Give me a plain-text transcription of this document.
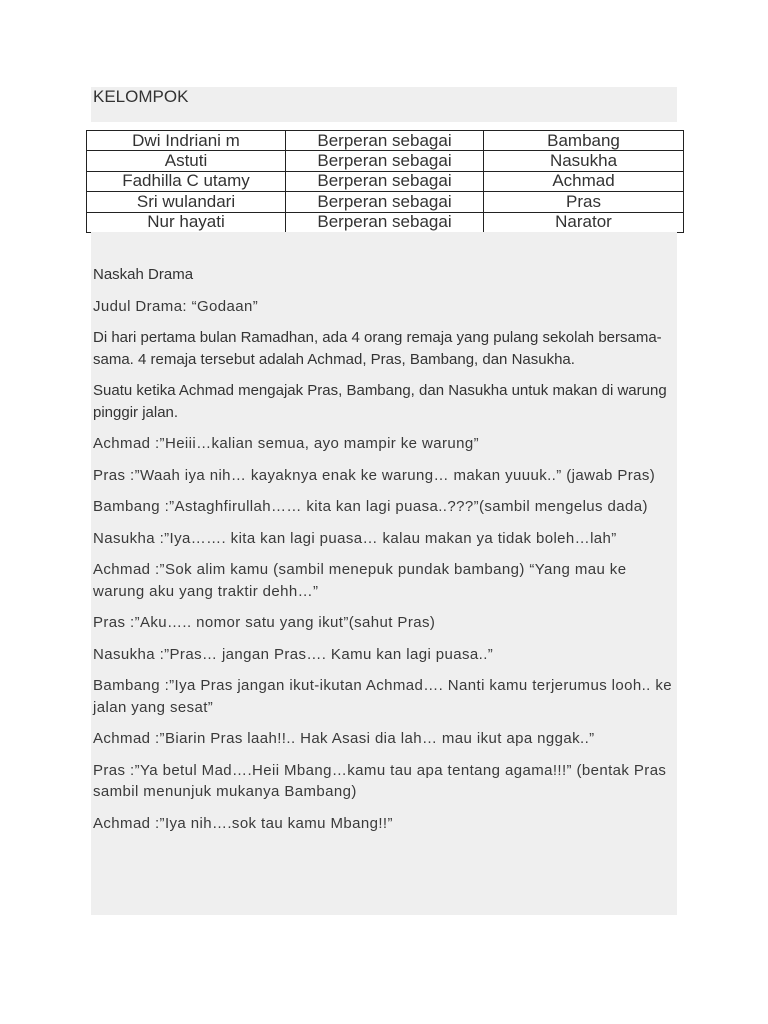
KELOMPOK
Dwi Indriani m	Berperan sebagai	Bambang
Astuti	Berperan sebagai	Nasukha
Fadhilla C utamy	Berperan sebagai	Achmad
Sri wulandari	Berperan sebagai	Pras
Nur hayati	Berperan sebagai	Narator

Naskah Drama

Judul Drama: “Godaan”

Di hari pertama bulan Ramadhan, ada 4 orang remaja yang pulang sekolah bersama-sama. 4 remaja tersebut adalah Achmad, Pras, Bambang, dan Nasukha.

Suatu ketika Achmad mengajak Pras, Bambang, dan Nasukha untuk makan di warung pinggir jalan.

Achmad :”Heiii…kalian semua, ayo mampir ke warung”

Pras :”Waah iya nih… kayaknya enak ke warung… makan yuuuk..” (jawab Pras)

Bambang :”Astaghfirullah…… kita kan lagi puasa..???”(sambil mengelus dada)

Nasukha :”Iya……. kita kan lagi puasa… kalau makan ya tidak boleh…lah”

Achmad :”Sok alim kamu (sambil menepuk pundak bambang) “Yang mau ke warung aku yang traktir dehh…”

Pras :”Aku….. nomor satu yang ikut”(sahut Pras)

Nasukha :”Pras… jangan Pras…. Kamu kan lagi puasa..”

Bambang :”Iya Pras jangan ikut-ikutan Achmad…. Nanti kamu terjerumus looh.. ke jalan yang sesat”

Achmad :”Biarin Pras laah!!.. Hak Asasi dia lah… mau ikut apa nggak..”

Pras :”Ya betul Mad….Heii Mbang…kamu tau apa tentang agama!!!” (bentak Pras sambil menunjuk mukanya Bambang)

Achmad :”Iya nih….sok tau kamu Mbang!!”
